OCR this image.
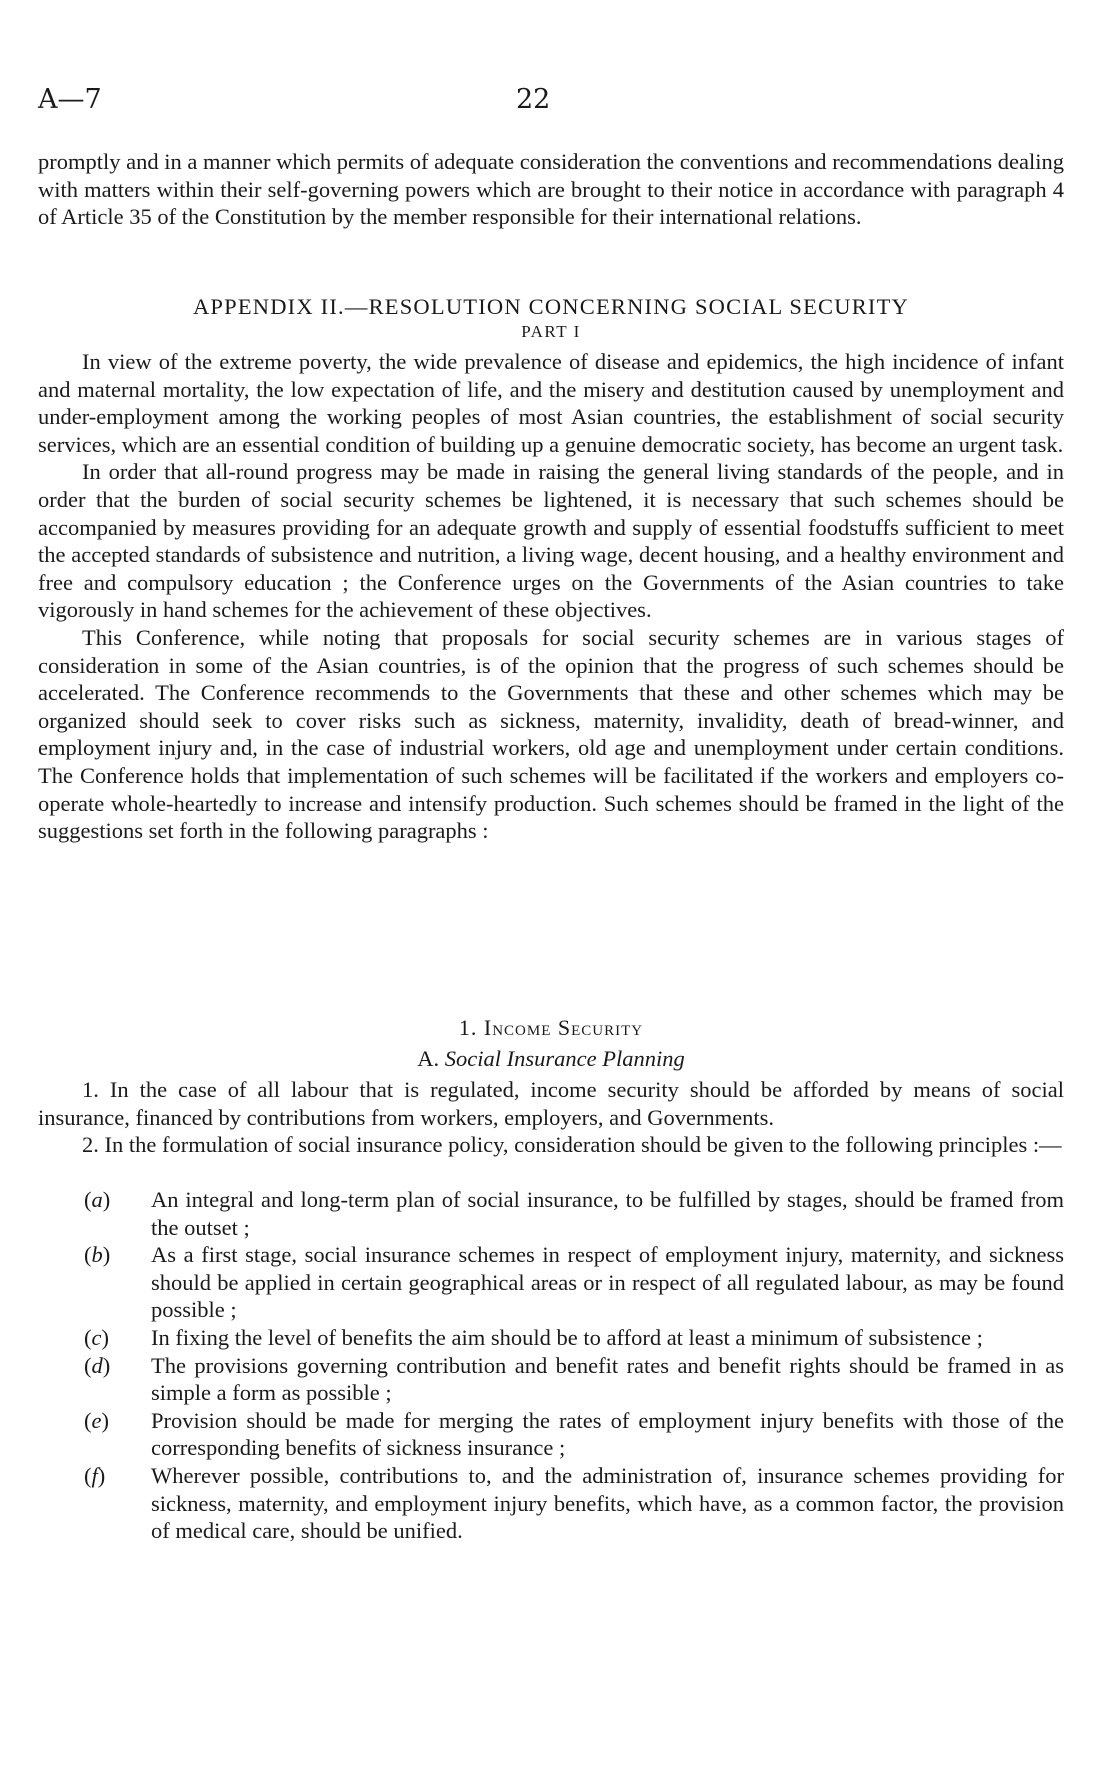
A—7	22

promptly and in a manner which permits of adequate consideration the conventions and recommendations dealing with matters within their self-governing powers which are brought to their notice in accordance with paragraph 4 of Article 35 of the Constitution by the member responsible for their international relations.

APPENDIX II.—RESOLUTION CONCERNING SOCIAL SECURITY

PART I

In view of the extreme poverty, the wide prevalence of disease and epidemics, the high incidence of infant and maternal mortality, the low expectation of life, and the misery and destitution caused by unemployment and under-employment among the working peoples of most Asian countries, the establishment of social security services, which are an essential condition of building up a genuine democratic society, has become an urgent task.

In order that all-round progress may be made in raising the general living standards of the people, and in order that the burden of social security schemes be lightened, it is necessary that such schemes should be accompanied by measures providing for an adequate growth and supply of essential foodstuffs sufficient to meet the accepted standards of subsistence and nutrition, a living wage, decent housing, and a healthy environment and free and compulsory education ; the Conference urges on the Governments of the Asian countries to take vigorously in hand schemes for the achievement of these objectives.

This Conference, while noting that proposals for social security schemes are in various stages of consideration in some of the Asian countries, is of the opinion that the progress of such schemes should be accelerated. The Conference recommends to the Governments that these and other schemes which may be organized should seek to cover risks such as sickness, maternity, invalidity, death of bread-winner, and employment injury and, in the case of industrial workers, old age and unemployment under certain conditions. The Conference holds that implementation of such schemes will be facilitated if the workers and employers co-operate whole-heartedly to increase and intensify production. Such schemes should be framed in the light of the suggestions set forth in the following paragraphs :

1. Income Security

A. Social Insurance Planning

1. In the case of all labour that is regulated, income security should be afforded by means of social insurance, financed by contributions from workers, employers, and Governments.

2. In the formulation of social insurance policy, consideration should be given to the following principles :—

(a) An integral and long-term plan of social insurance, to be fulfilled by stages, should be framed from the outset ;
(b) As a first stage, social insurance schemes in respect of employment injury, maternity, and sickness should be applied in certain geographical areas or in respect of all regulated labour, as may be found possible ;
(c) In fixing the level of benefits the aim should be to afford at least a minimum of subsistence ;
(d) The provisions governing contribution and benefit rates and benefit rights should be framed in as simple a form as possible ;
(e) Provision should be made for merging the rates of employment injury benefits with those of the corresponding benefits of sickness insurance ;
(f) Wherever possible, contributions to, and the administration of, insurance schemes providing for sickness, maternity, and employment injury benefits, which have, as a common factor, the provision of medical care, should be unified.
